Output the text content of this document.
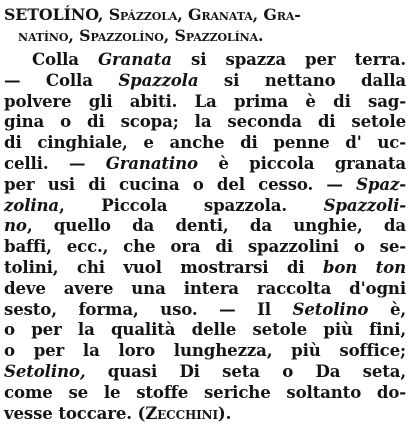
SETOLÍNO, Spázzola, Granata, Gra-
natíno, Spazzolíno, Spazzolína.
Colla Granata si spazza per terra.
— Colla Spazzola si nettano dalla
polvere gli abiti. La prima è di sag-
gina o di scopa; la seconda di setole
di cinghiale, e anche di penne d' uc-
celli. — Granatino è piccola granata
per usi di cucina o del cesso. — Spaz-
zolina, Piccola spazzola. Spazzoli-
no, quello da denti, da unghie, da
baffi, ecc., che ora di spazzolini o se-
tolini, chi vuol mostrarsi di bon ton
deve avere una intera raccolta d'ogni
sesto, forma, uso. — Il Setolino è,
o per la qualità delle setole più fini,
o per la loro lunghezza, più soffice;
Setolino, quasi Di seta o Da seta,
come se le stoffe seriche soltanto do-
vesse toccare. (Zecchini).
